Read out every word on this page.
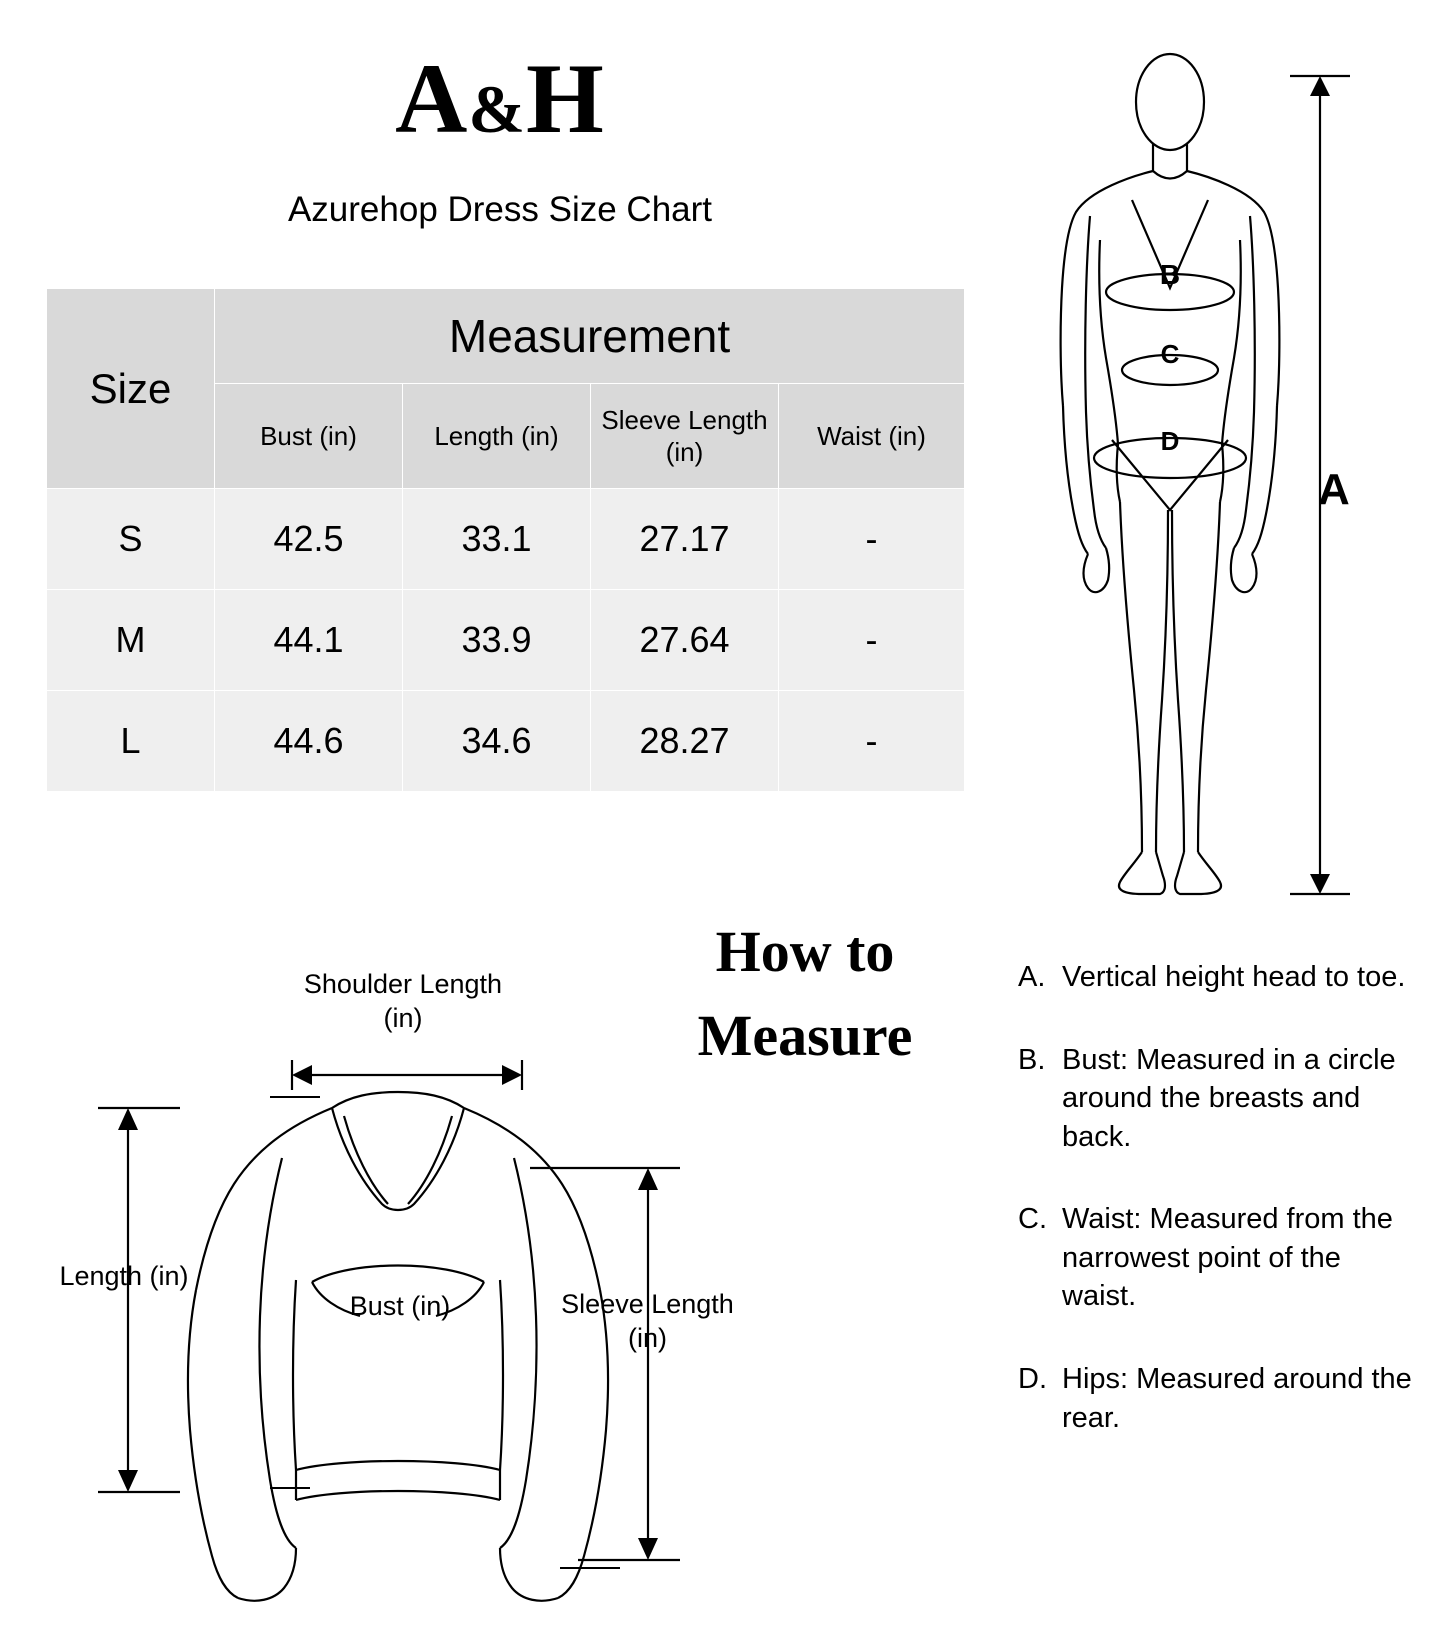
A&H
Azurehop Dress Size Chart
Size	Measurement			
	Bust (in)	Length (in)	Sleeve Length (in)	Waist (in)
S	42.5	33.1	27.17	-
M	44.1	33.9	27.64	-
L	44.6	34.6	28.27	-
B
C
D
A
How to
Measure
Shoulder Length (in)
Length (in)
Bust (in)	Sleeve Length (in)
A. Vertical height head to toe.
B. Bust: Measured in a circle around the breasts and back.
C. Waist: Measured from the narrowest point of the waist.
D. Hips: Measured around the rear.
